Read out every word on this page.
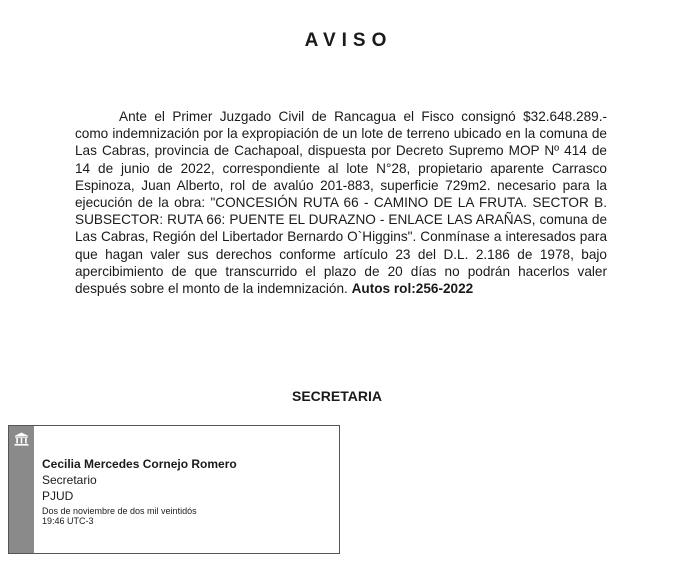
AVISO

Ante el Primer Juzgado Civil de Rancagua el Fisco consignó $32.648.289.- como indemnización por la expropiación de un lote de terreno ubicado en la comuna de Las Cabras, provincia de Cachapoal, dispuesta por Decreto Supremo MOP Nº 414 de 14 de junio de 2022, correspondiente al lote N°28, propietario aparente Carrasco Espinoza, Juan Alberto, rol de avalúo 201-883, superficie 729m2. necesario para la ejecución de la obra: "CONCESIÓN RUTA 66 - CAMINO DE LA FRUTA. SECTOR B. SUBSECTOR: RUTA 66: PUENTE EL DURAZNO - ENLACE LAS ARAÑAS, comuna de Las Cabras, Región del Libertador Bernardo O`Higgins". Conmínase a interesados para que hagan valer sus derechos conforme artículo 23 del D.L. 2.186 de 1978, bajo apercibimiento de que transcurrido el plazo de 20 días no podrán hacerlos valer después sobre el monto de la indemnización. Autos rol:256-2022

SECRETARIA
Cecilia Mercedes Cornejo Romero
Secretario
PJUD
Dos de noviembre de dos mil veintidós
19:46 UTC-3
